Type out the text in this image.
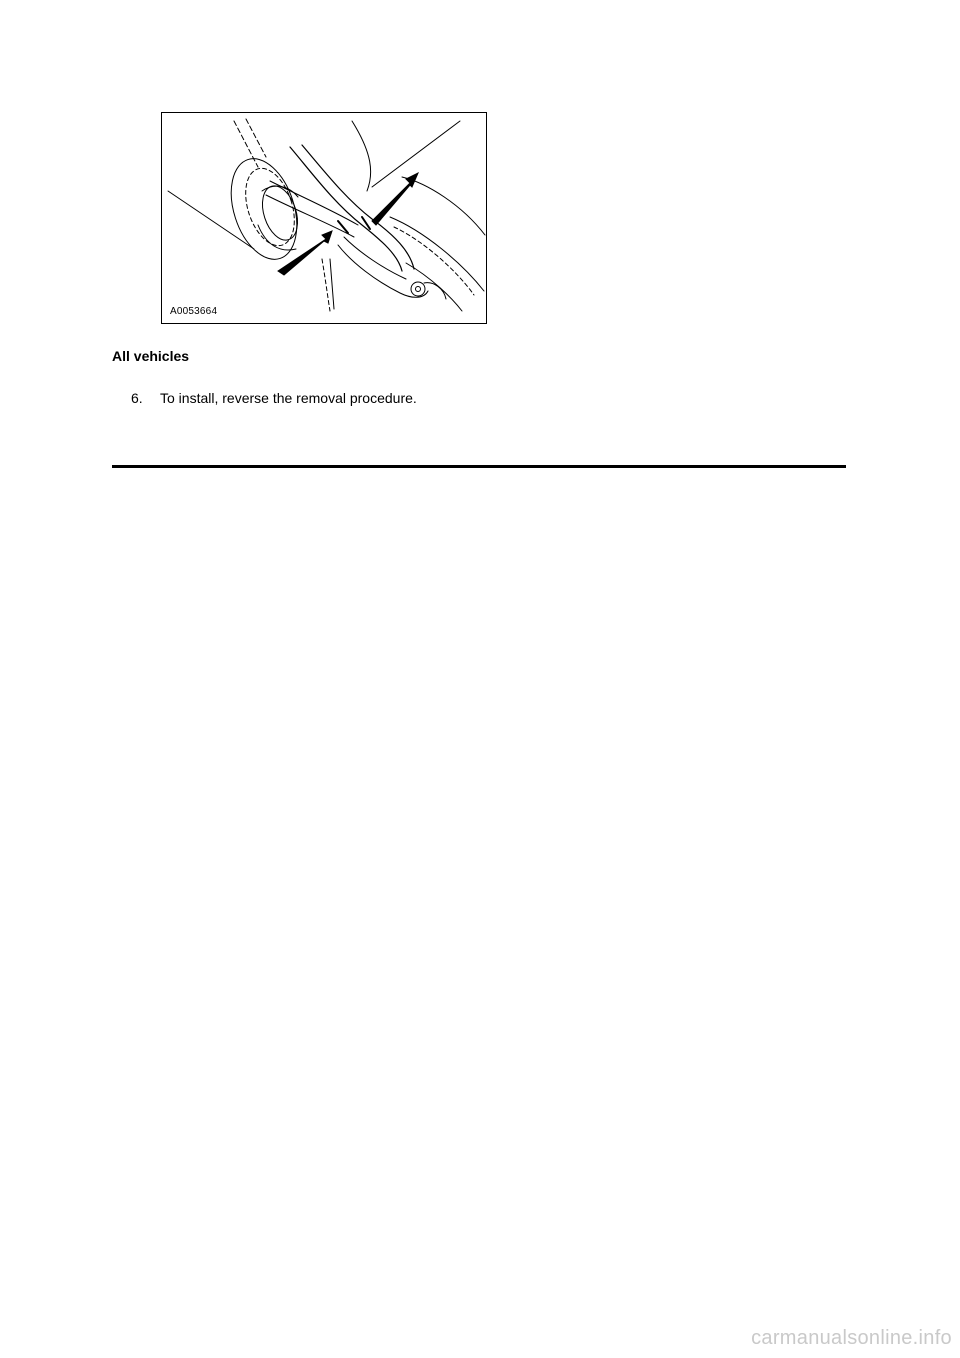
A0053664
All vehicles
6. To install, reverse the removal procedure.
carmanualsonline.info
